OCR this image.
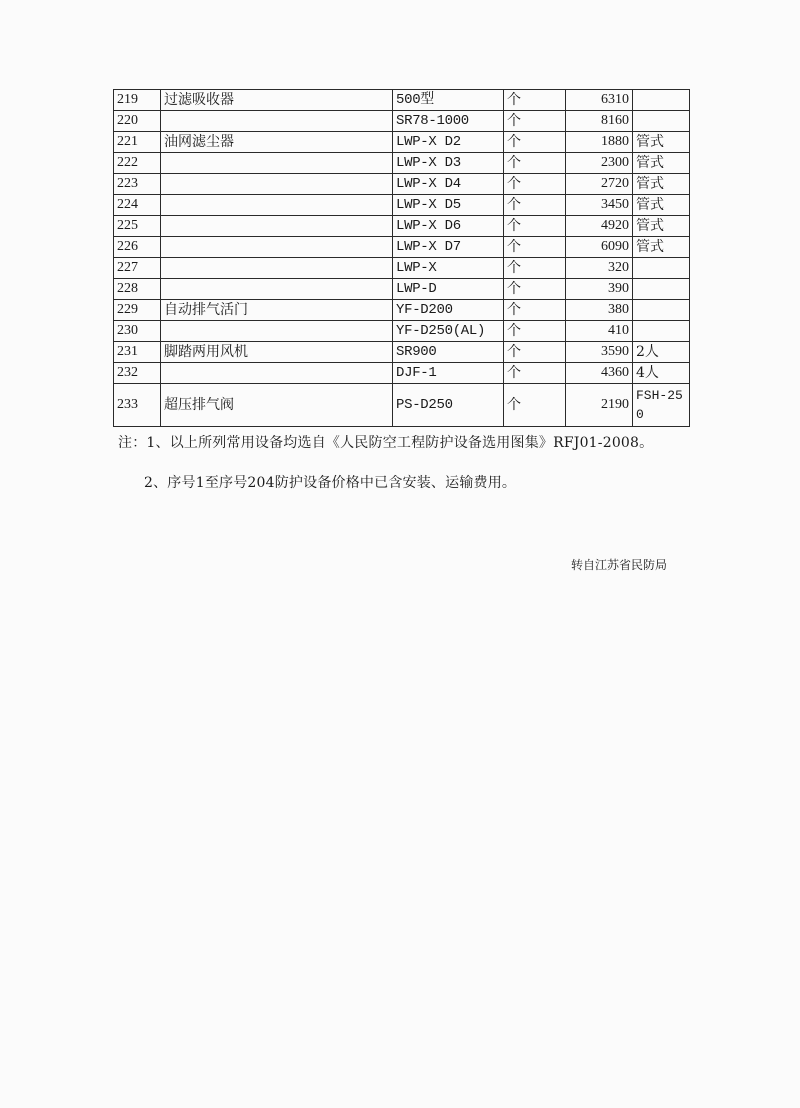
219	过滤吸收器	500型	个	6310	
220		SR78-1000	个	8160	
221	油网滤尘器	LWP-X D2	个	1880	管式
222		LWP-X D3	个	2300	管式
223		LWP-X D4	个	2720	管式
224		LWP-X D5	个	3450	管式
225		LWP-X D6	个	4920	管式
226		LWP-X D7	个	6090	管式
227		LWP-X	个	320	
228		LWP-D	个	390	
229	自动排气活门	YF-D200	个	380	
230		YF-D250(AL)	个	410	
231	脚踏两用风机	SR900	个	3590	2人
232		DJF-1	个	4360	4人
233	超压排气阀	PS-D250	个	2190	FSH-250
注：1、以上所列常用设备均选自《人民防空工程防护设备选用图集》RFJ01-2008。
2、序号1至序号204防护设备价格中已含安装、运输费用。
转自江苏省民防局
